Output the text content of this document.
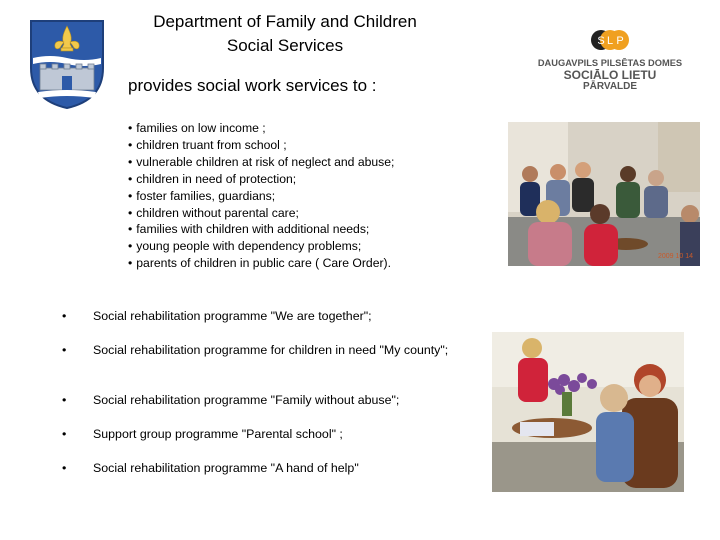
Department of Family and Children
Social Services	S L P
DAUGAVPILS PILSĒTAS DOMES
SOCIĀLO LIETU
PĀRVALDE
provides social work services to :
• families on low income ;
• children truant from school ;
• vulnerable children at risk of neglect and abuse;
• children in need of protection;
• foster families, guardians;
• children without parental care;
• families with children with additional needs;
• young people with dependency problems;
• parents of children in public care ( Care Order).	2009 10 14
• Social rehabilitation programme "We are together";
• Social rehabilitation programme for children in need "My county";
• Social rehabilitation programme "Family without abuse";
• Support group programme "Parental school" ;
• Social rehabilitation programme "A hand of help"
